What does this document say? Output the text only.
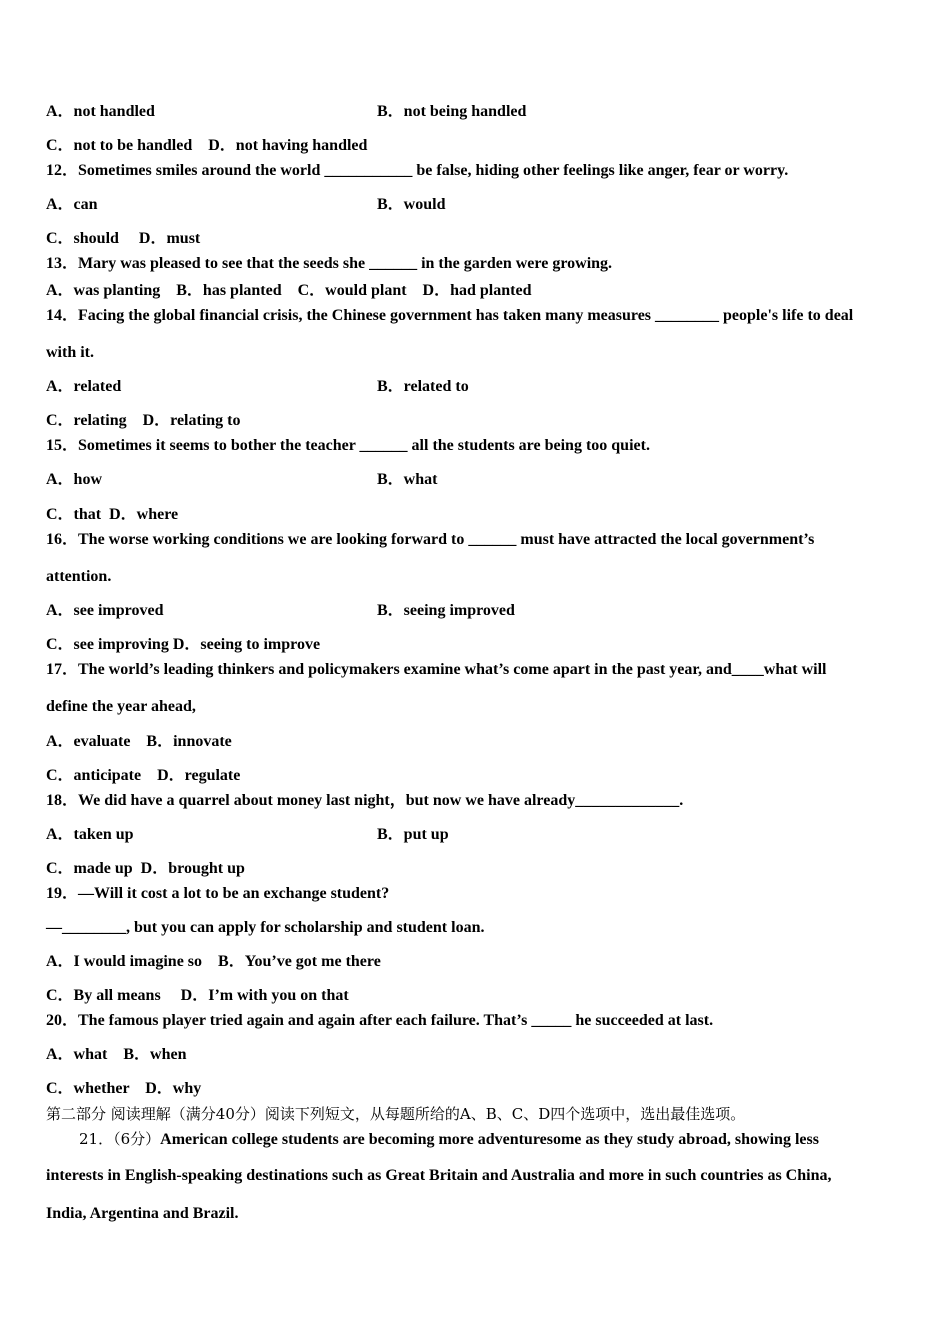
A．not handled	B．not being handled
C．not to be handled    D．not having handled
12．Sometimes smiles around the world ___________ be false, hiding other feelings like anger, fear or worry.
A．can	B．would
C．should     D．must
13．Mary was pleased to see that the seeds she ______ in the garden were growing.
A．was planting    B．has planted    C．would plant    D．had planted
14．Facing the global financial crisis, the Chinese government has taken many measures ________ people's life to deal
with it.
A．related	B．related to
C．relating    D．relating to
15．Sometimes it seems to bother the teacher ______ all the students are being too quiet.
A．how	B．what
C．that  D．where
16．The worse working conditions we are looking forward to ______ must have attracted the local government’s
attention.
A．see improved	B．seeing improved
C．see improving D．seeing to improve
17．The world’s leading thinkers and policymakers examine what’s come apart in the past year, and____what will
define the year ahead,
A．evaluate    B．innovate
C．anticipate    D．regulate
18．We did have a quarrel about money last night，but now we have already_____________.
A．taken up	B．put up
C．made up  D．brought up
19．—Will it cost a lot to be an exchange student?
—________, but you can apply for scholarship and student loan.
A．I would imagine so    B．You’ve got me there
C．By all means     D．I’m with you on that
20．The famous player tried again and again after each failure. That’s _____ he succeeded at last.
A．what    B．when
C．whether    D．why
第二部分 阅读理解（满分40分）阅读下列短文，从每题所给的A、B、C、D四个选项中，选出最佳选项。
21．（6分）American college students are becoming more adventuresome as they study abroad, showing less
interests in English-speaking destinations such as Great Britain and Australia and more in such countries as China,
India, Argentina and Brazil.
